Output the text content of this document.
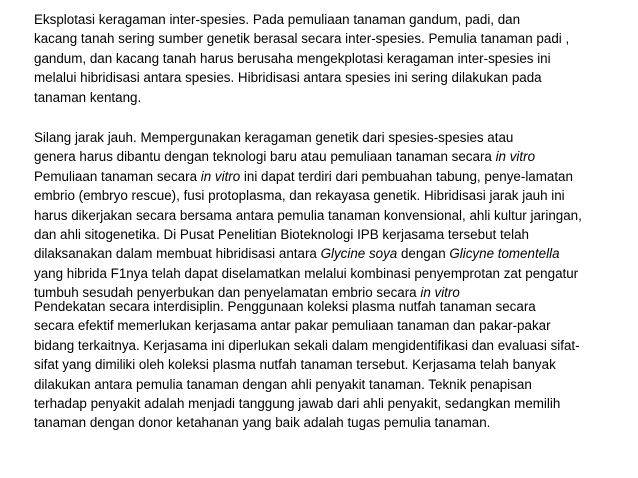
Eksplotasi keragaman inter-spesies. Pada pemuliaan tanaman gandum, padi, dan
kacang tanah sering sumber genetik berasal secara inter-spesies. Pemulia tanaman padi ,
gandum, dan kacang tanah harus berusaha mengekplotasi keragaman inter-spesies ini
melalui hibridisasi antara spesies. Hibridisasi antara spesies ini sering dilakukan pada
tanaman kentang.

Silang jarak jauh. Mempergunakan keragaman genetik dari spesies-spesies atau
genera harus dibantu dengan teknologi baru atau pemuliaan tanaman secara in vitro
Pemuliaan tanaman secara in vitro ini dapat terdiri dari pembuahan tabung, penye-lamatan
embrio (embryo rescue), fusi protoplasma, dan rekayasa genetik. Hibridisasi jarak jauh ini
harus dikerjakan secara bersama antara pemulia tanaman konvensional, ahli kultur jaringan,
dan ahli sitogenetika. Di Pusat Penelitian Bioteknologi IPB kerjasama tersebut telah
dilaksanakan dalam membuat hibridisasi antara Glycine soya dengan Glicyne tomentella
yang hibrida F1nya telah dapat diselamatkan melalui kombinasi penyemprotan zat pengatur
tumbuh sesudah penyerbukan dan penyelamatan embrio secara in vitro

Pendekatan secara interdisiplin. Penggunaan koleksi plasma nutfah tanaman secara
secara efektif memerlukan kerjasama antar pakar pemuliaan tanaman dan pakar-pakar
bidang terkaitnya. Kerjasama ini diperlukan sekali dalam mengidentifikasi dan evaluasi sifat-
sifat yang dimiliki oleh koleksi plasma nutfah tanaman tersebut. Kerjasama telah banyak
dilakukan antara pemulia tanaman dengan ahli penyakit tanaman. Teknik penapisan
terhadap penyakit adalah menjadi tanggung jawab dari ahli penyakit, sedangkan memilih
tanaman dengan donor ketahanan yang baik adalah tugas pemulia tanaman.
